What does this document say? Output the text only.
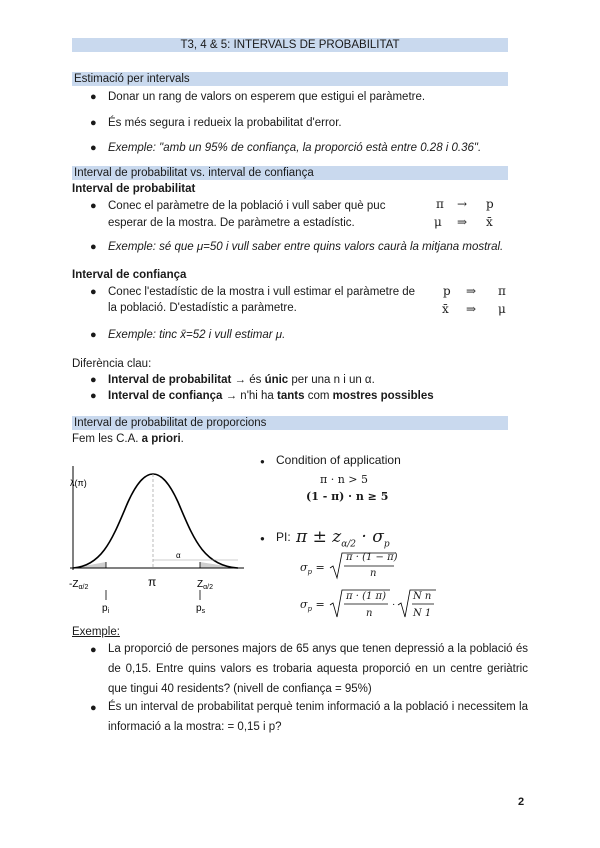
T3, 4 & 5: INTERVALS DE PROBABILITAT
Estimació per intervals
● Donar un rang de valors on esperem que estigui el paràmetre.
● És més segura i redueix la probabilitat d'error.
● Exemple: "amb un 95% de confiança, la proporció està entre 0.28 i 0.36".
Interval de probabilitat vs. interval de confiança
Interval de probabilitat
● Conec el paràmetre de la població i vull saber què puc
esperar de la mostra. De paràmetre a estadístic.
π → p
μ ⇒ x̄
● Exemple: sé que μ=50 i vull saber entre quins valors caurà la mitjana mostral.
Interval de confiança
● Conec l'estadístic de la mostra i vull estimar el paràmetre de
la població. D'estadístic a paràmetre.
p ⇒ π
x̄ ⇒ μ
● Exemple: tinc x̄=52 i vull estimar μ.
Diferència clau:
● Interval de probabilitat → és únic per una n i un α.
● Interval de confiança → n'hi ha tants com mostres possibles
Interval de probabilitat de proporcions
Fem les C.A. a priori.
α
λ(π)
$-Z_{\alpha/2}$	π	$Z_{\alpha/2}$
$p_i$	$p_s$
● Condition of application
π · n > 5
(1 - π) · n ≥ 5
● PI: $\pi \pm z_{\alpha/2} \cdot \sigma_p$
$\sigma_p$ =
π · (1 − π)
n
$\sigma_p$ =	·
π · (1 π)
n
N n
N 1
Exemple:
● La proporció de persones majors de 65 anys que tenen depressió a la població és de 0,15. Entre quins valors es trobaria aquesta proporció en un centre geriàtric que tingui 40 residents? (nivell de confiança = 95%)
● És un interval de probabilitat perquè tenim informació a la població i necessitem la informació a la mostra: = 0,15 i p?
2
